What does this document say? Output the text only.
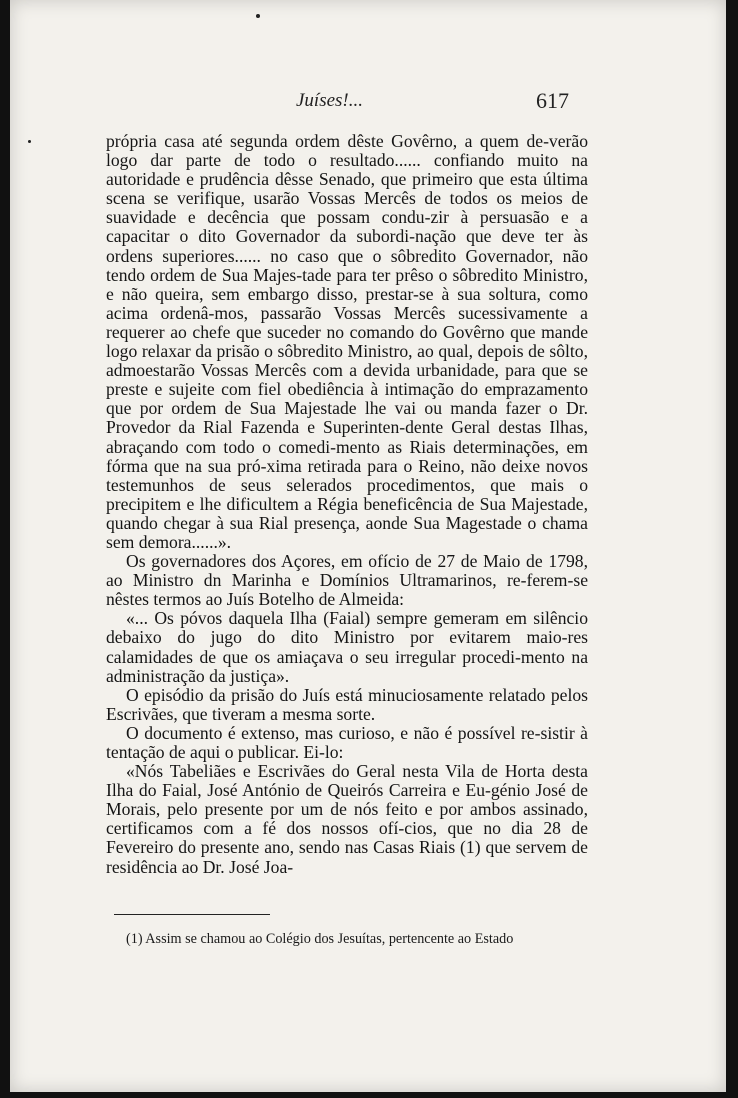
Juíses!...	617

própria casa até segunda ordem dêste Govêrno, a quem de-verão logo dar parte de todo o resultado...... confiando muito na autoridade e prudência dêsse Senado, que primeiro que esta última scena se verifique, usarão Vossas Mercês de todos os meios de suavidade e decência que possam condu-zir à persuasão e a capacitar o dito Governador da subordi-nação que deve ter às ordens superiores...... no caso que o sôbredito Governador, não tendo ordem de Sua Majes-tade para ter prêso o sôbredito Ministro, e não queira, sem embargo disso, prestar-se à sua soltura, como acima ordenâ-mos, passarão Vossas Mercês sucessivamente a requerer ao chefe que suceder no comando do Govêrno que mande logo relaxar da prisão o sôbredito Ministro, ao qual, depois de sôlto, admoestarão Vossas Mercês com a devida urbanidade, para que se preste e sujeite com fiel obediência à intimação do emprazamento que por ordem de Sua Majestade lhe vai ou manda fazer o Dr. Provedor da Rial Fazenda e Superinten-dente Geral destas Ilhas, abraçando com todo o comedi-mento as Riais determinações, em fórma que na sua pró-xima retirada para o Reino, não deixe novos testemunhos de seus selerados procedimentos, que mais o precipitem e lhe dificultem a Régia beneficência de Sua Majestade, quando chegar à sua Rial presença, aonde Sua Magestade o chama sem demora......».

Os governadores dos Açores, em ofício de 27 de Maio de 1798, ao Ministro dn Marinha e Domínios Ultramarinos, re-ferem-se nêstes termos ao Juís Botelho de Almeida:

«... Os póvos daquela Ilha (Faial) sempre gemeram em silêncio debaixo do jugo do dito Ministro por evitarem maio-res calamidades de que os amiaçava o seu irregular procedi-mento na administração da justiça».

O episódio da prisão do Juís está minuciosamente relatado pelos Escrivães, que tiveram a mesma sorte.

O documento é extenso, mas curioso, e não é possível re-sistir à tentação de aqui o publicar. Ei-lo:

«Nós Tabeliães e Escrivães do Geral nesta Vila de Horta desta Ilha do Faial, José António de Queirós Carreira e Eu-génio José de Morais, pelo presente por um de nós feito e por ambos assinado, certificamos com a fé dos nossos ofí-cios, que no dia 28 de Fevereiro do presente ano, sendo nas Casas Riais (1) que servem de residência ao Dr. José Joa-

(1) Assim se chamou ao Colégio dos Jesuítas, pertencente ao Estado
